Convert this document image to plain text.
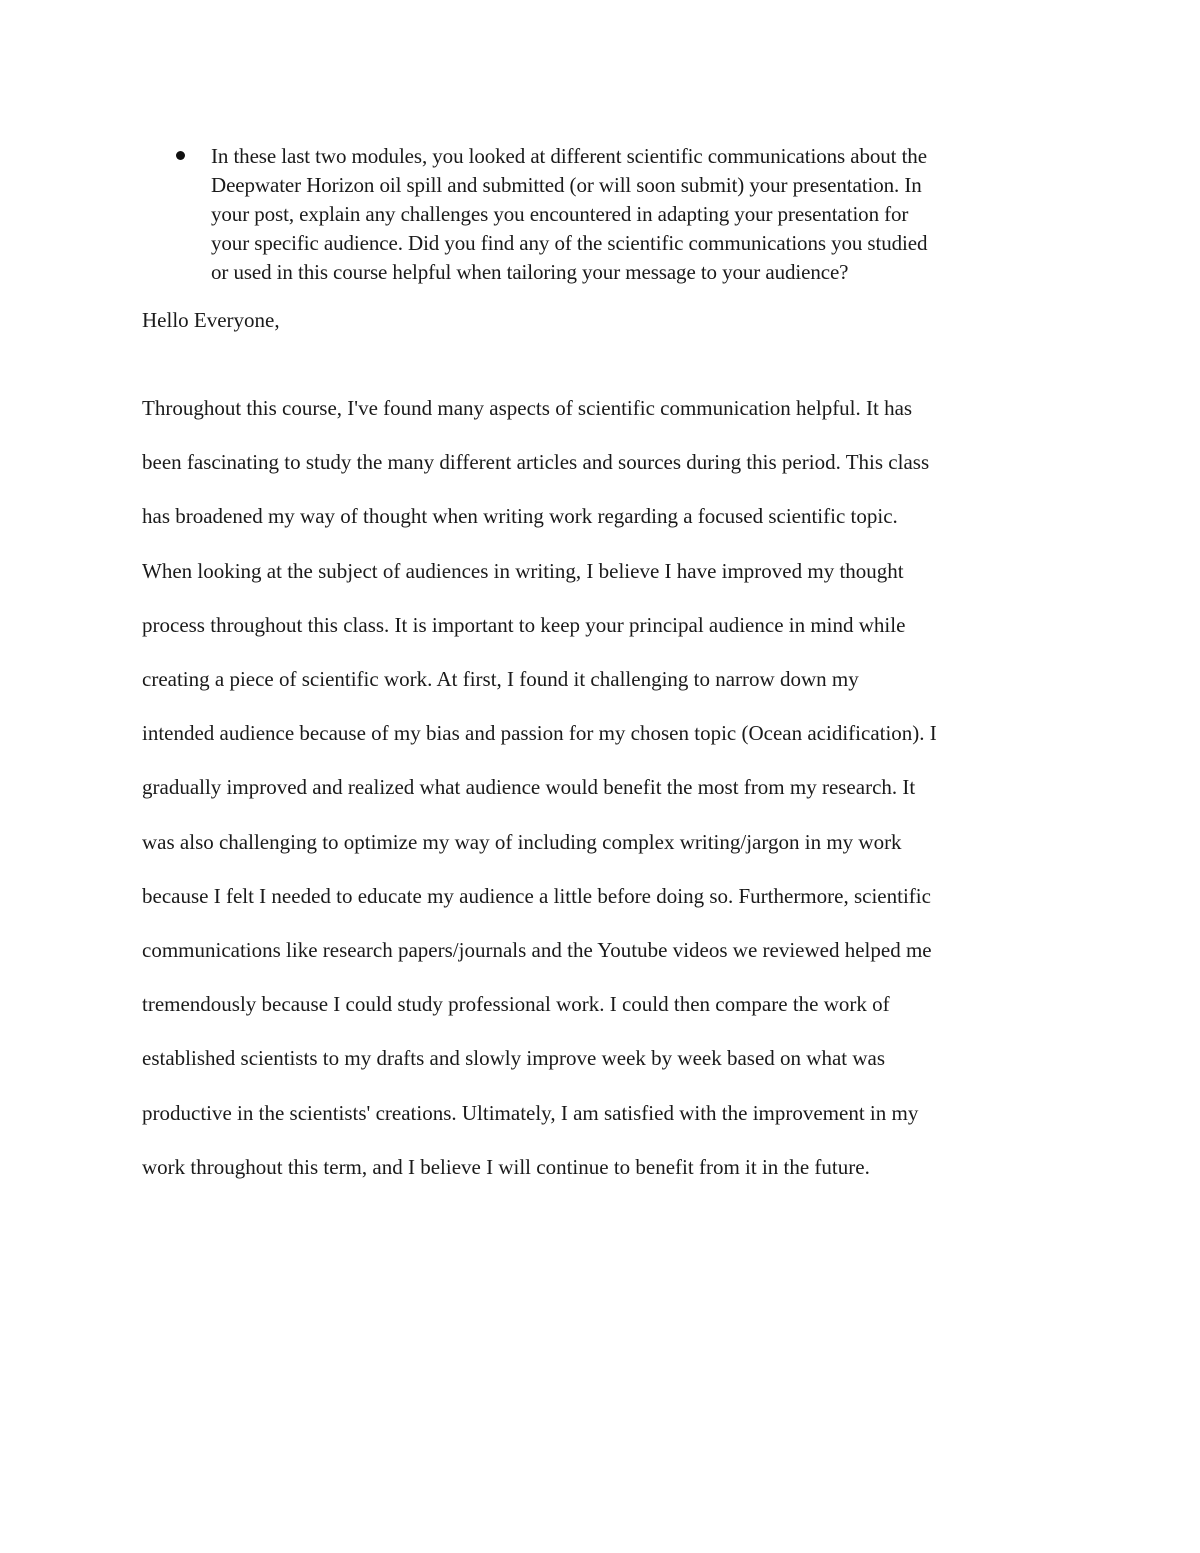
In these last two modules, you looked at different scientific communications about the
Deepwater Horizon oil spill and submitted (or will soon submit) your presentation. In
your post, explain any challenges you encountered in adapting your presentation for
your specific audience. Did you find any of the scientific communications you studied
or used in this course helpful when tailoring your message to your audience?
Hello Everyone,
Throughout this course, I've found many aspects of scientific communication helpful. It has
been fascinating to study the many different articles and sources during this period. This class
has broadened my way of thought when writing work regarding a focused scientific topic.
When looking at the subject of audiences in writing, I believe I have improved my thought
process throughout this class. It is important to keep your principal audience in mind while
creating a piece of scientific work. At first, I found it challenging to narrow down my
intended audience because of my bias and passion for my chosen topic (Ocean acidification). I
gradually improved and realized what audience would benefit the most from my research. It
was also challenging to optimize my way of including complex writing/jargon in my work
because I felt I needed to educate my audience a little before doing so. Furthermore, scientific
communications like research papers/journals and the Youtube videos we reviewed helped me
tremendously because I could study professional work. I could then compare the work of
established scientists to my drafts and slowly improve week by week based on what was
productive in the scientists' creations. Ultimately, I am satisfied with the improvement in my
work throughout this term, and I believe I will continue to benefit from it in the future.
